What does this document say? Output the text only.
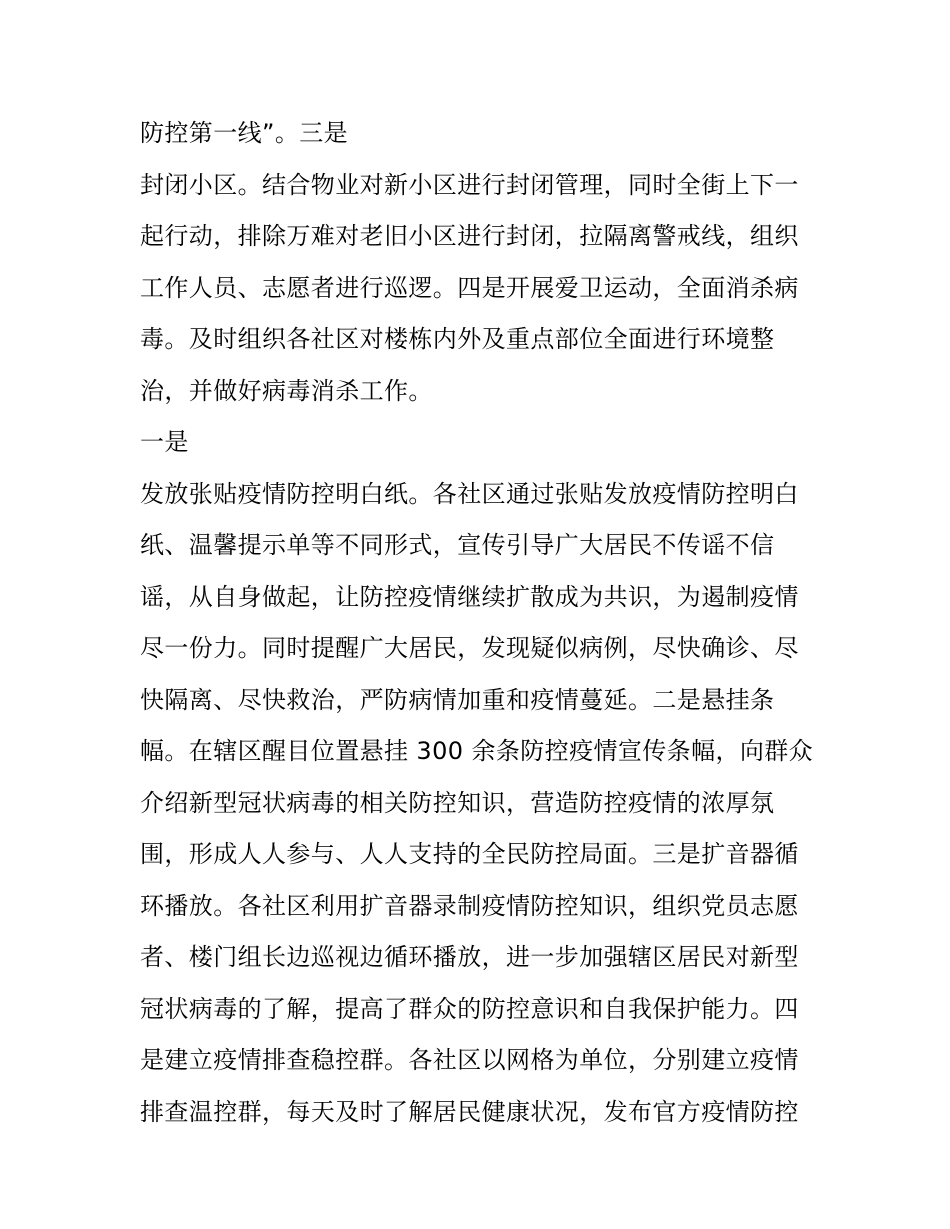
防控第一线”。三是
封闭小区。结合物业对新小区进行封闭管理，同时全街上下一
起行动，排除万难对老旧小区进行封闭，拉隔离警戒线，组织
工作人员、志愿者进行巡逻。四是开展爱卫运动，全面消杀病
毒。及时组织各社区对楼栋内外及重点部位全面进行环境整
治，并做好病毒消杀工作。
一是
发放张贴疫情防控明白纸。各社区通过张贴发放疫情防控明白
纸、温馨提示单等不同形式，宣传引导广大居民不传谣不信
谣，从自身做起，让防控疫情继续扩散成为共识，为遏制疫情
尽一份力。同时提醒广大居民，发现疑似病例，尽快确诊、尽
快隔离、尽快救治，严防病情加重和疫情蔓延。二是悬挂条
幅。在辖区醒目位置悬挂 300 余条防控疫情宣传条幅，向群众
介绍新型冠状病毒的相关防控知识，营造防控疫情的浓厚氛
围，形成人人参与、人人支持的全民防控局面。三是扩音器循
环播放。各社区利用扩音器录制疫情防控知识，组织党员志愿
者、楼门组长边巡视边循环播放，进一步加强辖区居民对新型
冠状病毒的了解，提高了群众的防控意识和自我保护能力。四
是建立疫情排查稳控群。各社区以网格为单位，分别建立疫情
排查温控群，每天及时了解居民健康状况，发布官方疫情防控
